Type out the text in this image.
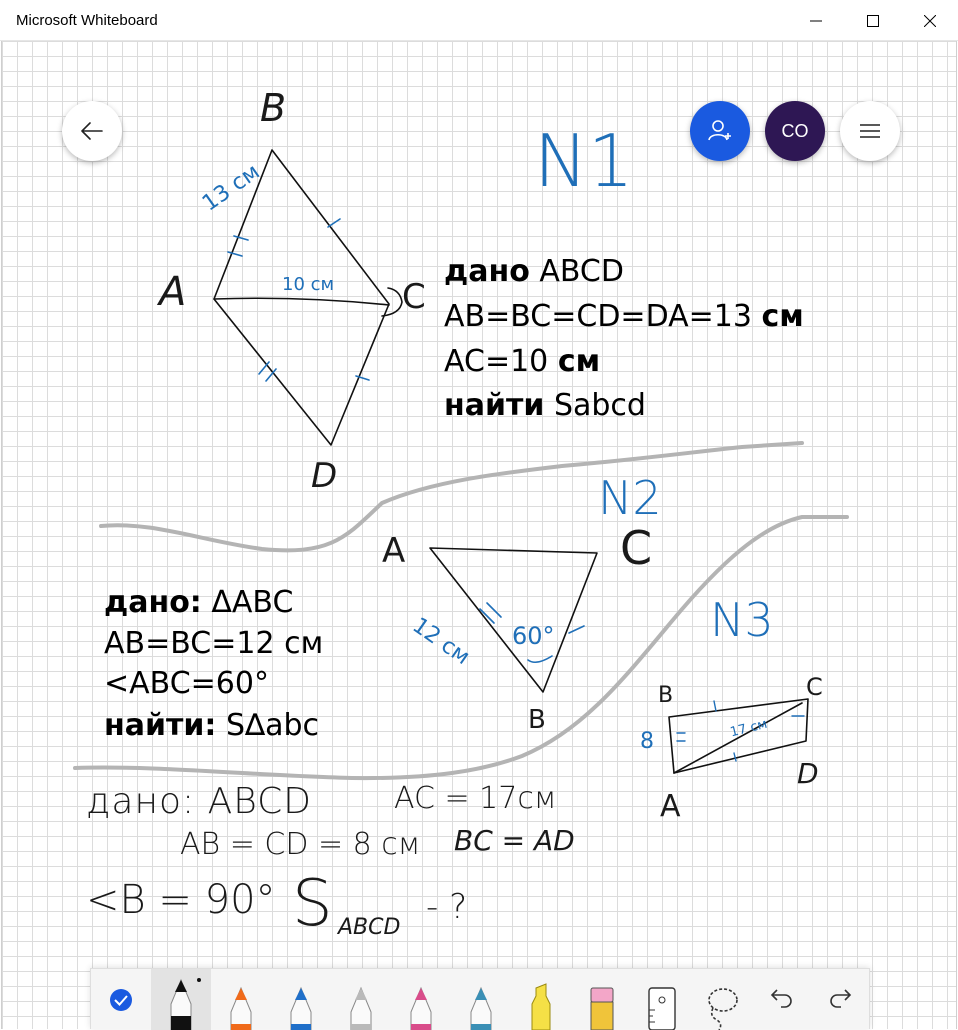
Microsoft Whiteboard
B
A	C
D
13 см
10 см
N1
дано ABCD
AB=BC=CD=DA=13 см
AC=10 см
найти Sabcd
N2
A	C
B
12 см 60°
дано: ΔABC
AB=BC=12 см
<ABC=60°
найти: S∆abc
N3
B	C
D
A
8
17 см
дано: ABCD	AC = 17см
AB = CD = 8 см BC = AD
<B = 90° S ABCD
- ?
CO
